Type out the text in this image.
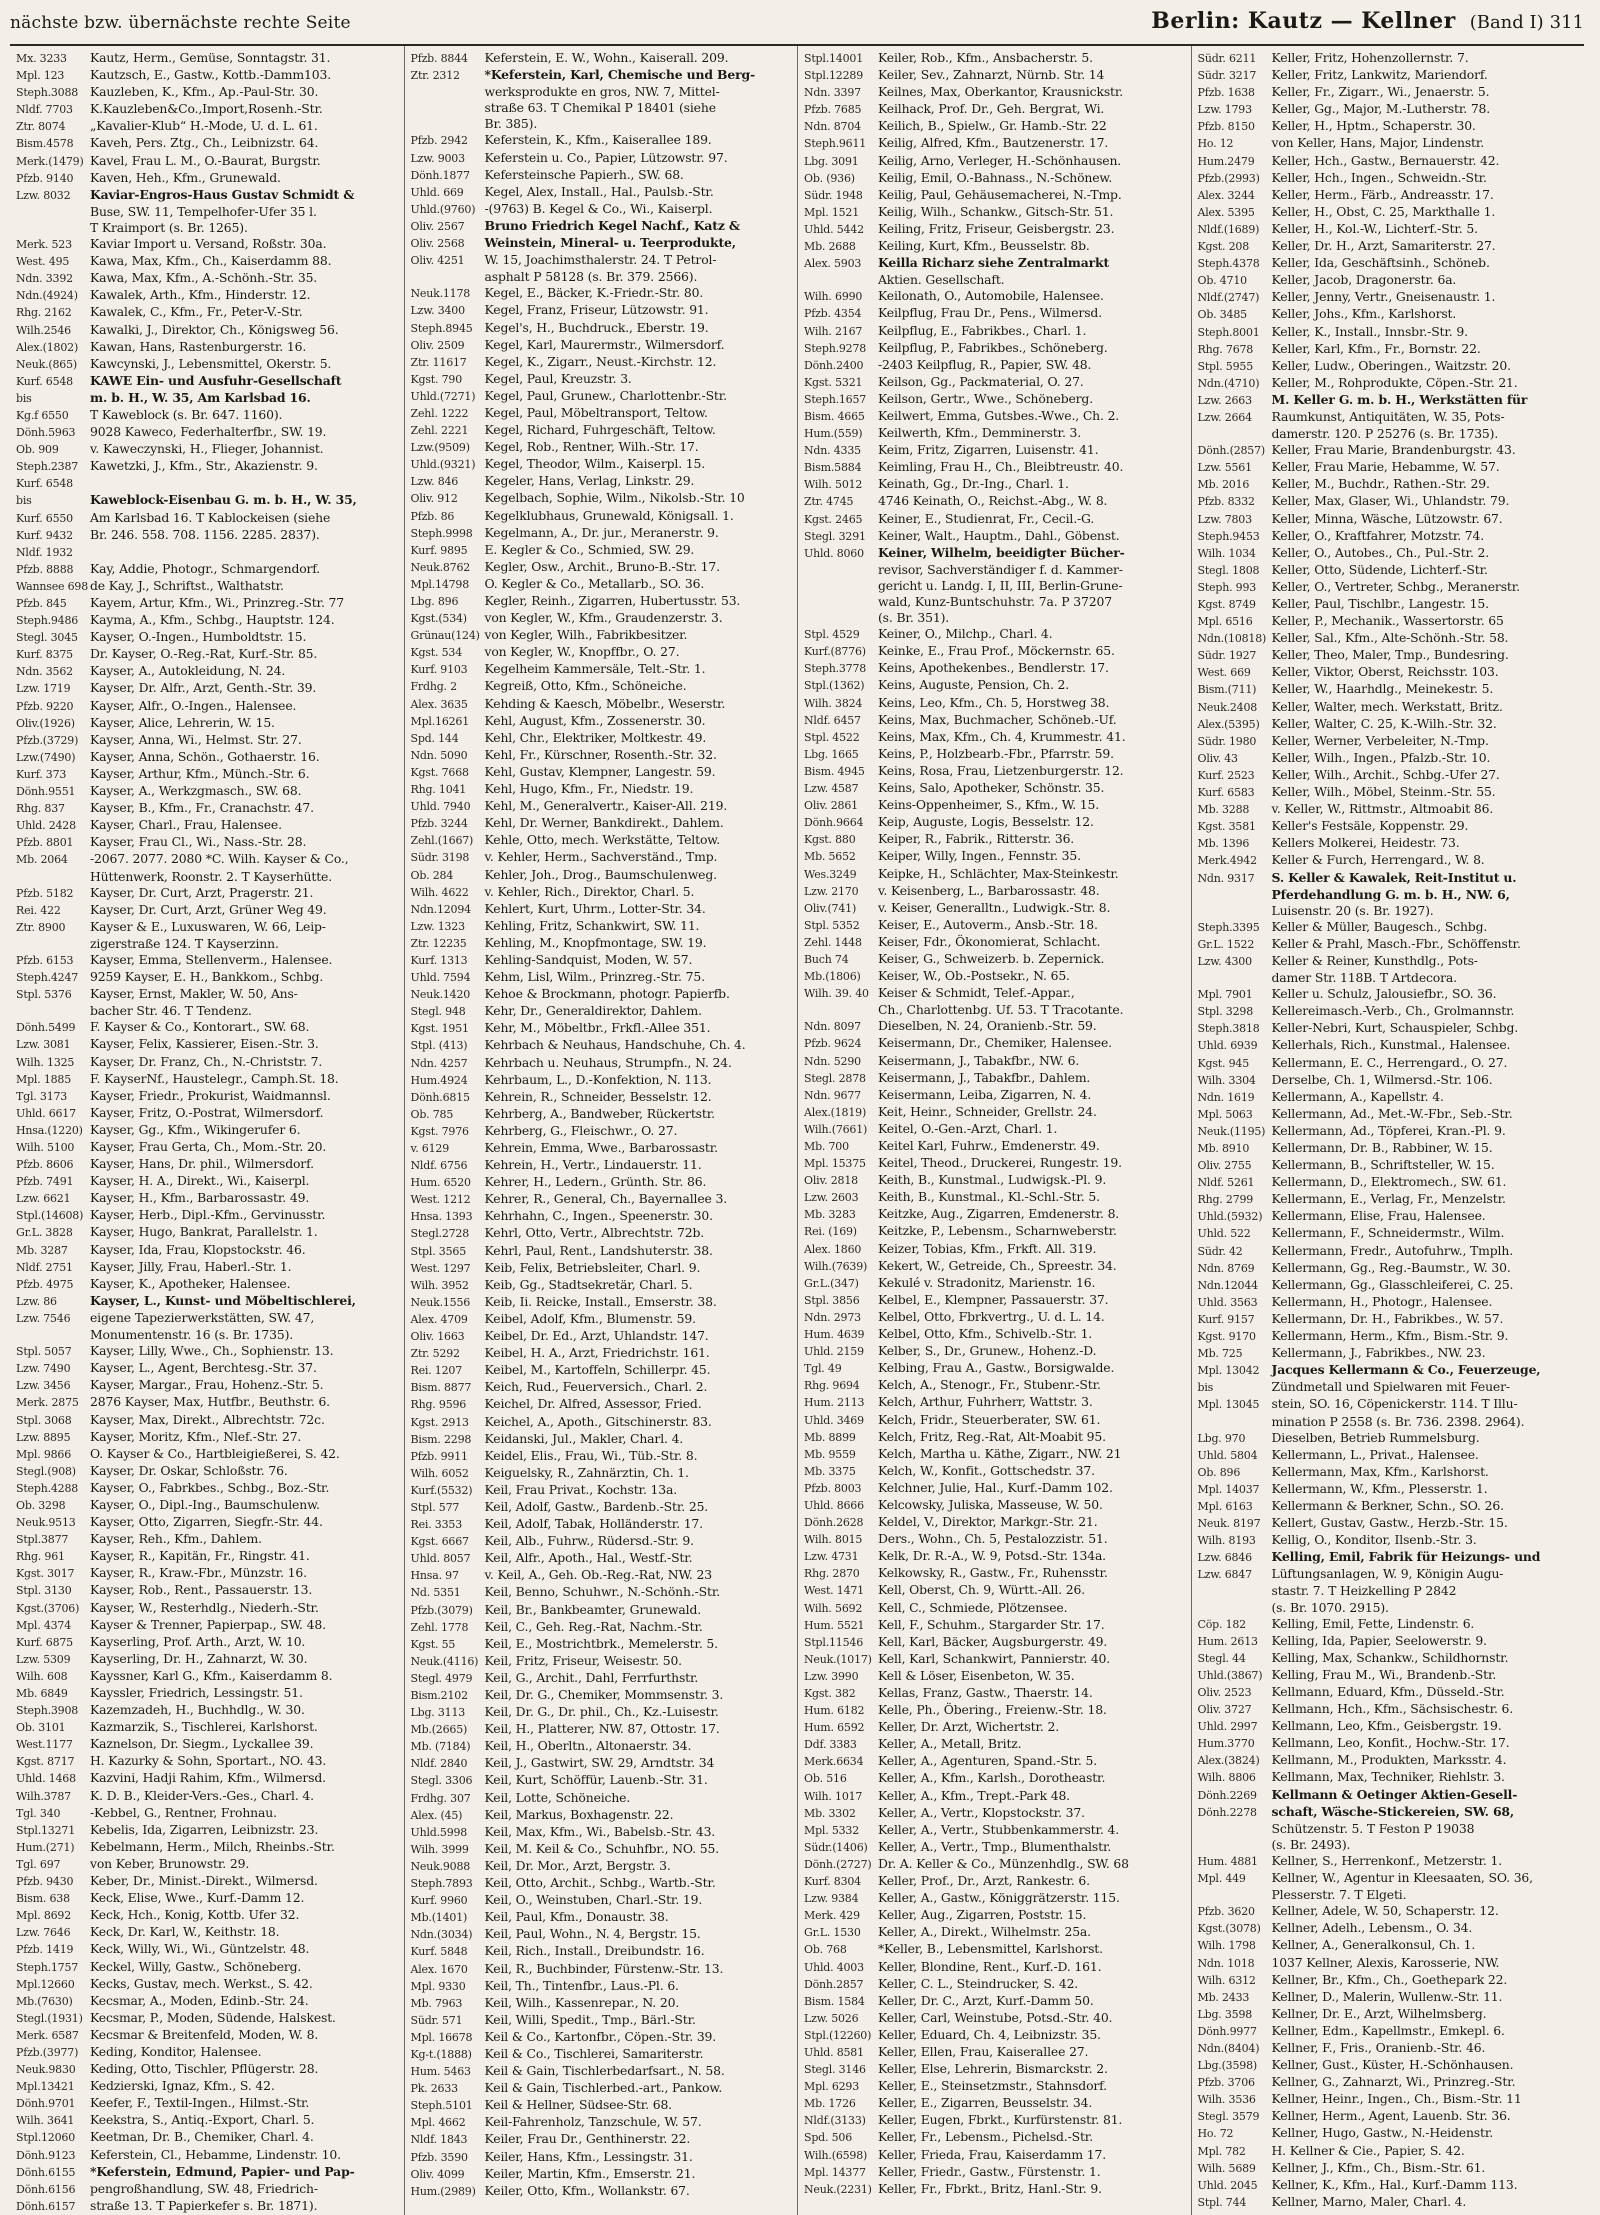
nächste bzw. übernächste rechte Seite	Berlin: Kautz — Kellner (Band I) 311
Mx. 3233 Kautz, Herm., Gemüse, Sonntagstr. 31.
Mpl. 123 Kautzsch, E., Gastw., Kottb.-Damm103.
Steph.3088 Kauzleben, K., Kfm., Ap.-Paul-Str. 30.
Nldf. 7703 K.Kauzleben&Co.,Import,Rosenh.-Str.
Ztr. 8074 „Kavalier-Klub“ H.-Mode, U. d. L. 61.
Bism.4578 Kaveh, Pers. Ztg., Ch., Leibnizstr. 64.
Merk.(1479) Kavel, Frau L. M., O.-Baurat, Burgstr.
Pfzb. 9140 Kaven, Heh., Kfm., Grunewald.
Lzw. 8032 Kaviar-Engros-Haus Gustav Schmidt &
Buse, SW. 11, Tempelhofer-Ufer 35 l.
T Kraimport (s. Br. 1265).
Merk. 523 Kaviar Import u. Versand, Roßstr. 30a.
West. 495 Kawa, Max, Kfm., Ch., Kaiserdamm 88.
Ndn. 3392 Kawa, Max, Kfm., A.-Schönh.-Str. 35.
Ndn.(4924) Kawalek, Arth., Kfm., Hinderstr. 12.
Rhg. 2162 Kawalek, C., Kfm., Fr., Peter-V.-Str.
Wilh.2546 Kawalki, J., Direktor, Ch., Königsweg 56.
Alex.(1802) Kawan, Hans, Rastenburgerstr. 16.
Neuk.(865) Kawcynski, J., Lebensmittel, Okerstr. 5.
Kurf. 6548 KAWE Ein- und Ausfuhr-Gesellschaft
bis	m. b. H., W. 35, Am Karlsbad 16.
Kg.f 6550 T Kaweblock (s. Br. 647. 1160).
Dönh.5963 9028 Kaweco, Federhalterfbr., SW. 19.
Ob. 909	v. Kaweczynski, H., Flieger, Johannist.
Steph.2387 Kawetzki, J., Kfm., Str., Akazienstr. 9.
Kurf. 6548
bis	Kaweblock-Eisenbau G. m. b. H., W. 35,
Kurf. 6550 Am Karlsbad 16. T Kablockeisen (siehe
Kurf. 9432 Br. 246. 558. 708. 1156. 2285. 2837).
Nldf. 1932
Pfzb. 8888 Kay, Addie, Photogr., Schmargendorf.
Wannsee 698 de Kay, J., Schriftst., Walthatstr.
Pfzb. 845 Kayem, Artur, Kfm., Wi., Prinzreg.-Str. 77
Steph.9486 Kayma, A., Kfm., Schbg., Hauptstr. 124.
Stegl. 3045 Kayser, O.-Ingen., Humboldtstr. 15.
Kurf. 8375 Dr. Kayser, O.-Reg.-Rat, Kurf.-Str. 85.
Ndn. 3562 Kayser, A., Autokleidung, N. 24.
Lzw. 1719 Kayser, Dr. Alfr., Arzt, Genth.-Str. 39.
Pfzb. 9220 Kayser, Alfr., O.-Ingen., Halensee.
Oliv.(1926) Kayser, Alice, Lehrerin, W. 15.
Pfzb.(3729) Kayser, Anna, Wi., Helmst. Str. 27.
Lzw.(7490) Kayser, Anna, Schön., Gothaerstr. 16.
Kurf. 373 Kayser, Arthur, Kfm., Münch.-Str. 6.
Dönh.9551 Kayser, A., Werkzgmasch., SW. 68.
Rhg. 837 Kayser, B., Kfm., Fr., Cranachstr. 47.
Uhld. 2428 Kayser, Charl., Frau, Halensee.
Pfzb. 8801 Kayser, Frau Cl., Wi., Nass.-Str. 28.
Mb. 2064 -2067. 2077. 2080 *C. Wilh. Kayser & Co.,
Hüttenwerk, Roonstr. 2. T Kayserhütte.
Pfzb. 5182 Kayser, Dr. Curt, Arzt, Pragerstr. 21.
Rei. 422 Kayser, Dr. Curt, Arzt, Grüner Weg 49.
Ztr. 8900 Kayser & E., Luxuswaren, W. 66, Leip-
zigerstraße 124. T Kayserzinn.
Pfzb. 6153 Kayser, Emma, Stellenverm., Halensee.
Steph.4247 9259 Kayser, E. H., Bankkom., Schbg.
Stpl. 5376 Kayser, Ernst, Makler, W. 50, Ans-
bacher Str. 46. T Tendenz.
Dönh.5499 F. Kayser & Co., Kontorart., SW. 68.
Lzw. 3081 Kayser, Felix, Kassierer, Eisen.-Str. 3.
Wilh. 1325 Kayser, Dr. Franz, Ch., N.-Christstr. 7.
Mpl. 1885 F. KayserNf., Haustelegr., Camph.St. 18.
Tgl. 3173 Kayser, Friedr., Prokurist, Waidmannsl.
Uhld. 6617 Kayser, Fritz, O.-Postrat, Wilmersdorf.
Hnsa.(1220) Kayser, Gg., Kfm., Wikingerufer 6.
Wilh. 5100 Kayser, Frau Gerta, Ch., Mom.-Str. 20.
Pfzb. 8606 Kayser, Hans, Dr. phil., Wilmersdorf.
Pfzb. 7491 Kayser, H. A., Direkt., Wi., Kaiserpl.
Lzw. 6621 Kayser, H., Kfm., Barbarossastr. 49.
Stpl.(14608) Kayser, Herb., Dipl.-Kfm., Gervinusstr.
Gr.L. 3828 Kayser, Hugo, Bankrat, Parallelstr. 1.
Mb. 3287 Kayser, Ida, Frau, Klopstockstr. 46.
Nldf. 2751 Kayser, Jilly, Frau, Haberl.-Str. 1.
Pfzb. 4975 Kayser, K., Apotheker, Halensee.
Lzw. 86	Kayser, L., Kunst- und Möbeltischlerei,
Lzw. 7546 eigene Tapezierwerkstätten, SW. 47,
Monumentenstr. 16 (s. Br. 1735).
Stpl. 5057 Kayser, Lilly, Wwe., Ch., Sophienstr. 13.
Lzw. 7490 Kayser, L., Agent, Berchtesg.-Str. 37.
Lzw. 3456 Kayser, Margar., Frau, Hohenz.-Str. 5.
Merk. 2875 2876 Kayser, Max, Hutfbr., Beuthstr. 6.
Stpl. 3068 Kayser, Max, Direkt., Albrechtstr. 72c.
Lzw. 8895 Kayser, Moritz, Kfm., Nlef.-Str. 27.
Mpl. 9866 O. Kayser & Co., Hartbleigießerei, S. 42.
Stegl.(908) Kayser, Dr. Oskar, Schloßstr. 76.
Steph.4288 Kayser, O., Fabrkbes., Schbg., Boz.-Str.
Ob. 3298 Kayser, O., Dipl.-Ing., Baumschulenw.
Neuk.9513 Kayser, Otto, Zigarren, Siegfr.-Str. 44.
Stpl.3877 Kayser, Reh., Kfm., Dahlem.
Rhg. 961 Kayser, R., Kapitän, Fr., Ringstr. 41.
Kgst. 3017 Kayser, R., Kraw.-Fbr., Münzstr. 16.
Stpl. 3130 Kayser, Rob., Rent., Passauerstr. 13.
Kgst.(3706) Kayser, W., Resterhdlg., Niederh.-Str.
Mpl. 4374 Kayser & Trenner, Papierpap., SW. 48.
Kurf. 6875 Kayserling, Prof. Arth., Arzt, W. 10.
Lzw. 5309 Kayserling, Dr. H., Zahnarzt, W. 30.
Wilh. 608 Kayssner, Karl G., Kfm., Kaiserdamm 8.
Mb. 6849 Kayssler, Friedrich, Lessingstr. 51.
Steph.3908 Kazemzadeh, H., Buchhdlg., W. 30.
Ob. 3101 Kazmarzik, S., Tischlerei, Karlshorst.
West.1177 Kaznelson, Dr. Siegm., Lyckallee 39.
Kgst. 8717 H. Kazurky & Sohn, Sportart., NO. 43.
Uhld. 1468 Kazvini, Hadji Rahim, Kfm., Wilmersd.
Wilh.3787 K. D. B., Kleider-Vers.-Ges., Charl. 4.
Tgl. 340 -Kebbel, G., Rentner, Frohnau.
Stpl.13271 Kebelis, Ida, Zigarren, Leibnizstr. 23.
Hum.(271) Kebelmann, Herm., Milch, Rheinbs.-Str.
Tgl. 697 von Keber, Brunowstr. 29.
Pfzb. 9430 Keber, Dr., Minist.-Direkt., Wilmersd.
Bism. 638 Keck, Elise, Wwe., Kurf.-Damm 12.
Mpl. 8692 Keck, Hch., Konig, Kottb. Ufer 32.
Lzw. 7646 Keck, Dr. Karl, W., Keithstr. 18.
Pfzb. 1419 Keck, Willy, Wi., Wi., Güntzelstr. 48.
Steph.1757 Keckel, Willy, Gastw., Schöneberg.
Mpl.12660 Kecks, Gustav, mech. Werkst., S. 42.
Mb.(7630) Kecsmar, A., Moden, Edinb.-Str. 24.
Stegl.(1931) Kecsmar, P., Moden, Südende, Halskest.
Merk. 6587 Kecsmar & Breitenfeld, Moden, W. 8.
Pfzb.(3977) Keding, Konditor, Halensee.
Neuk.9830 Keding, Otto, Tischler, Pflügerstr. 28.
Mpl.13421 Kedzierski, Ignaz, Kfm., S. 42.
Dönh.9701 Keefer, F., Textil-Ingen., Hilmst.-Str.
Wilh. 3641 Keekstra, S., Antiq.-Export, Charl. 5.
Stpl.12060 Keetman, Dr. B., Chemiker, Charl. 4.
Dönh.9123 Keferstein, Cl., Hebamme, Lindenstr. 10.
Dönh.6155 *Keferstein, Edmund, Papier- und Pap-
Dönh.6156 pengroßhandlung, SW. 48, Friedrich-
Dönh.6157 straße 13. T Papierkefer s. Br. 1871).
Pfzb. 8844 Keferstein, E. W., Wohn., Kaiserall. 209.
Ztr. 2312 *Keferstein, Karl, Chemische und Berg-
werksprodukte en gros, NW. 7, Mittel-
straße 63. T Chemikal P 18401 (siehe
Br. 385).
Pfzb. 2942 Keferstein, K., Kfm., Kaiserallee 189.
Lzw. 9003 Keferstein u. Co., Papier, Lützowstr. 97.
Dönh.1877 Kefersteinsche Papierh., SW. 68.
Uhld. 669 Kegel, Alex, Install., Hal., Paulsb.-Str.
Uhld.(9760) -(9763) B. Kegel & Co., Wi., Kaiserpl.
Oliv. 2567 Bruno Friedrich Kegel Nachf., Katz &
Oliv. 2568 Weinstein, Mineral- u. Teerprodukte,
Oliv. 4251 W. 15, Joachimsthalerstr. 24. T Petrol-
asphalt P 58128 (s. Br. 379. 2566).
Neuk.1178 Kegel, E., Bäcker, K.-Friedr.-Str. 80.
Lzw. 3400 Kegel, Franz, Friseur, Lützowstr. 91.
Steph.8945 Kegel's, H., Buchdruck., Eberstr. 19.
Oliv. 2509 Kegel, Karl, Maurermstr., Wilmersdorf.
Ztr. 11617 Kegel, K., Zigarr., Neust.-Kirchstr. 12.
Kgst. 790 Kegel, Paul, Kreuzstr. 3.
Uhld.(7271) Kegel, Paul, Grunew., Charlottenbr.-Str.
Zehl. 1222 Kegel, Paul, Möbeltransport, Teltow.
Zehl. 2221 Kegel, Richard, Fuhrgeschäft, Teltow.
Lzw.(9509) Kegel, Rob., Rentner, Wilh.-Str. 17.
Uhld.(9321) Kegel, Theodor, Wilm., Kaiserpl. 15.
Lzw. 846 Kegeler, Hans, Verlag, Linkstr. 29.
Oliv. 912 Kegelbach, Sophie, Wilm., Nikolsb.-Str. 10
Pfzb. 86 Kegelklubhaus, Grunewald, Königsall. 1.
Steph.9998 Kegelmann, A., Dr. jur., Meranerstr. 9.
Kurf. 9895 E. Kegler & Co., Schmied, SW. 29.
Neuk.8762 Kegler, Osw., Archit., Bruno-B.-Str. 17.
Mpl.14798 O. Kegler & Co., Metallarb., SO. 36.
Lbg. 896 Kegler, Reinh., Zigarren, Hubertusstr. 53.
Kgst.(534) von Kegler, W., Kfm., Graudenzerstr. 3.
Grünau(124) von Kegler, Wilh., Fabrikbesitzer.
Kgst. 534 von Kegler, W., Knopffbr., O. 27.
Kurf. 9103 Kegelheim Kammersäle, Telt.-Str. 1.
Frdhg. 2 Kegreiß, Otto, Kfm., Schöneiche.
Alex. 3635 Kehding & Kaesch, Möbelbr., Weserstr.
Mpl.16261 Kehl, August, Kfm., Zossenerstr. 30.
Spd. 144 Kehl, Chr., Elektriker, Moltkestr. 49.
Ndn. 5090 Kehl, Fr., Kürschner, Rosenth.-Str. 32.
Kgst. 7668 Kehl, Gustav, Klempner, Langestr. 59.
Rhg. 1041 Kehl, Hugo, Kfm., Fr., Niedstr. 19.
Uhld. 7940 Kehl, M., Generalvertr., Kaiser-All. 219.
Pfzb. 3244 Kehl, Dr. Werner, Bankdirekt., Dahlem.
Zehl.(1667) Kehle, Otto, mech. Werkstätte, Teltow.
Südr. 3198 v. Kehler, Herm., Sachverständ., Tmp.
Ob. 284	Kehler, Joh., Drog., Baumschulenweg.
Wilh. 4622 v. Kehler, Rich., Direktor, Charl. 5.
Ndn.12094 Kehlert, Kurt, Uhrm., Lotter-Str. 34.
Lzw. 1323 Kehling, Fritz, Schankwirt, SW. 11.
Ztr. 12235 Kehling, M., Knopfmontage, SW. 19.
Kurf. 1313 Kehling-Sandquist, Moden, W. 57.
Uhld. 7594 Kehm, Lisl, Wilm., Prinzreg.-Str. 75.
Neuk.1420 Kehoe & Brockmann, photogr. Papierfb.
Stegl. 948 Kehr, Dr., Generaldirektor, Dahlem.
Kgst. 1951 Kehr, M., Möbeltbr., Frkfl.-Allee 351.
Stpl. (413) Kehrbach & Neuhaus, Handschuhe, Ch. 4.
Ndn. 4257 Kehrbach u. Neuhaus, Strumpfn., N. 24.
Hum.4924 Kehrbaum, L., D.-Konfektion, N. 113.
Dönh.6815 Kehrein, R., Schneider, Besselstr. 12.
Ob. 785	Kehrberg, A., Bandweber, Rückertstr.
Kgst. 7976 Kehrberg, G., Fleischwr., O. 27.
v. 6129	Kehrein, Emma, Wwe., Barbarossastr.
Nldf. 6756 Kehrein, H., Vertr., Lindauerstr. 11.
Hum. 6520 Kehrer, H., Ledern., Grünth. Str. 86.
West. 1212 Kehrer, R., General, Ch., Bayernallee 3.
Hnsa. 1393 Kehrhahn, C., Ingen., Speenerstr. 30.
Stegl.2728 Kehrl, Otto, Vertr., Albrechtstr. 72b.
Stpl. 3565 Kehrl, Paul, Rent., Landshuterstr. 38.
West. 1297 Keib, Felix, Betriebsleiter, Charl. 9.
Wilh. 3952 Keib, Gg., Stadtsekretär, Charl. 5.
Neuk.1556 Keib, Ii. Reicke, Install., Emserstr. 38.
Alex. 4709 Keibel, Adolf, Kfm., Blumenstr. 59.
Oliv. 1663 Keibel, Dr. Ed., Arzt, Uhlandstr. 147.
Ztr. 5292 Keibel, H. A., Arzt, Friedrichstr. 161.
Rei. 1207 Keibel, M., Kartoffeln, Schillerpr. 45.
Bism. 8877 Keich, Rud., Feuerversich., Charl. 2.
Rhg. 9596 Keichel, Dr. Alfred, Assessor, Fried.
Kgst. 2913 Keichel, A., Apoth., Gitschinerstr. 83.
Bism. 2298 Keidanski, Jul., Makler, Charl. 4.
Pfzb. 9911 Keidel, Elis., Frau, Wi., Tüb.-Str. 8.
Wilh. 6052 Keiguelsky, R., Zahnärztin, Ch. 1.
Kurf.(5532) Keil, Frau Privat., Kochstr. 13a.
Stpl. 577 Keil, Adolf, Gastw., Bardenb.-Str. 25.
Rei. 3353 Keil, Adolf, Tabak, Holländerstr. 17.
Kgst. 6667 Keil, Alb., Fuhrw., Rüdersd.-Str. 9.
Uhld. 8057 Keil, Alfr., Apoth., Hal., Westf.-Str.
Hnsa. 97 v. Keil, A., Geh. Ob.-Reg.-Rat, NW. 23
Nd. 5351 Keil, Benno, Schuhwr., N.-Schönh.-Str.
Pfzb.(3079) Keil, Br., Bankbeamter, Grunewald.
Zehl. 1778 Keil, C., Geh. Reg.-Rat, Nachm.-Str.
Kgst. 55 Keil, E., Mostrichtbrk., Memelerstr. 5.
Neuk.(4116) Keil, Fritz, Friseur, Weisestr. 50.
Stegl. 4979 Keil, G., Archit., Dahl, Ferrfurthstr.
Bism.2102 Keil, Dr. G., Chemiker, Mommsenstr. 3.
Lbg. 3113 Keil, Dr. G., Dr. phil., Ch., Kz.-Luisestr.
Mb.(2665) Keil, H., Platterer, NW. 87, Ottostr. 17.
Mb. (7184) Keil, H., Oberltn., Altonaerstr. 34.
Nldf. 2840 Keil, J., Gastwirt, SW. 29, Arndtstr. 34
Stegl. 3306 Keil, Kurt, Schöffür, Lauenb.-Str. 31.
Frdhg. 307 Keil, Lotte, Schöneiche.
Alex. (45) Keil, Markus, Boxhagenstr. 22.
Uhld.5998 Keil, Max, Kfm., Wi., Babelsb.-Str. 43.
Wilh. 3999 Keil, M. Keil & Co., Schuhfbr., NO. 55.
Neuk.9088 Keil, Dr. Mor., Arzt, Bergstr. 3.
Steph.7893 Keil, Otto, Archit., Schbg., Wartb.-Str.
Kurf. 9960 Keil, O., Weinstuben, Charl.-Str. 19.
Mb.(1401) Keil, Paul, Kfm., Donaustr. 38.
Ndn.(3034) Keil, Paul, Wohn., N. 4, Bergstr. 15.
Kurf. 5848 Keil, Rich., Install., Dreibundstr. 16.
Alex. 1670 Keil, R., Buchbinder, Fürstenw.-Str. 13.
Mpl. 9330 Keil, Th., Tintenfbr., Laus.-Pl. 6.
Mb. 7963 Keil, Wilh., Kassenrepar., N. 20.
Südr. 571 Keil, Willi, Spedit., Tmp., Bärl.-Str.
Mpl. 16678 Keil & Co., Kartonfbr., Cöpen.-Str. 39.
Kg-t.(1888) Keil & Co., Tischlerei, Samariterstr.
Hum. 5463 Keil & Gain, Tischlerbedarfsart., N. 58.
Pk. 2633 Keil & Gain, Tischlerbed.-art., Pankow.
Steph.5101 Keil & Hellner, Südsee-Str. 68.
Mpl. 4662 Keil-Fahrenholz, Tanzschule, W. 57.
Nldf. 1843 Keiler, Frau Dr., Genthinerstr. 22.
Pfzb. 3590 Keiler, Hans, Kfm., Lessingstr. 31.
Oliv. 4099 Keiler, Martin, Kfm., Emserstr. 21.
Hum.(2989) Keiler, Otto, Kfm., Wollankstr. 67.
Stpl.14001 Keiler, Rob., Kfm., Ansbacherstr. 5.
Stpl.12289 Keiler, Sev., Zahnarzt, Nürnb. Str. 14
Ndn. 3397 Keilnes, Max, Oberkantor, Krausnickstr.
Pfzb. 7685 Keilhack, Prof. Dr., Geh. Bergrat, Wi.
Ndn. 8704 Keilich, B., Spielw., Gr. Hamb.-Str. 22
Steph.9611 Keilig, Alfred, Kfm., Bautzenerstr. 17.
Lbg. 3091 Keilig, Arno, Verleger, H.-Schönhausen.
Ob. (936) Keilig, Emil, O.-Bahnass., N.-Schönew.
Südr. 1948 Keilig, Paul, Gehäusemacherei, N.-Tmp.
Mpl. 1521 Keilig, Wilh., Schankw., Gitsch-Str. 51.
Uhld. 5442 Keiling, Fritz, Friseur, Geisbergstr. 23.
Mb. 2688 Keiling, Kurt, Kfm., Beusselstr. 8b.
Alex. 5903 Keilla Richarz siehe Zentralmarkt
Aktien. Gesellschaft.
Wilh. 6990 Keilonath, O., Automobile, Halensee.
Pfzb. 4354 Keilpflug, Frau Dr., Pens., Wilmersd.
Wilh. 2167 Keilpflug, E., Fabrikbes., Charl. 1.
Steph.9278 Keilpflug, P., Fabrikbes., Schöneberg.
Dönh.2400 -2403 Keilpflug, R., Papier, SW. 48.
Kgst. 5321 Keilson, Gg., Packmaterial, O. 27.
Steph.1657 Keilson, Gertr., Wwe., Schöneberg.
Bism. 4665 Keilwert, Emma, Gutsbes.-Wwe., Ch. 2.
Hum.(559) Keilwerth, Kfm., Demminerstr. 3.
Ndn. 4335 Keim, Fritz, Zigarren, Luisenstr. 41.
Bism.5884 Keimling, Frau H., Ch., Bleibtreustr. 40.
Wilh. 5012 Keinath, Gg., Dr.-Ing., Charl. 1.
Ztr. 4745 4746 Keinath, O., Reichst.-Abg., W. 8.
Kgst. 2465 Keiner, E., Studienrat, Fr., Cecil.-G.
Stegl. 3291 Keiner, Walt., Hauptm., Dahl., Göbenst.
Uhld. 8060 Keiner, Wilhelm, beeidigter Bücher-
revisor, Sachverständiger f. d. Kammer-
gericht u. Landg. I, II, III, Berlin-Grune-
wald, Kunz-Buntschuhstr. 7a. P 37207
(s. Br. 351).
Stpl. 4529 Keiner, O., Milchp., Charl. 4.
Kurf.(8776) Keinke, E., Frau Prof., Möckernstr. 65.
Steph.3778 Keins, Apothekenbes., Bendlerstr. 17.
Stpl.(1362) Keins, Auguste, Pension, Ch. 2.
Wilh. 3824 Keins, Leo, Kfm., Ch. 5, Horstweg 38.
Nldf. 6457 Keins, Max, Buchmacher, Schöneb.-Uf.
Stpl. 4522 Keins, Max, Kfm., Ch. 4, Krummestr. 41.
Lbg. 1665 Keins, P., Holzbearb.-Fbr., Pfarrstr. 59.
Bism. 4945 Keins, Rosa, Frau, Lietzenburgerstr. 12.
Lzw. 4587 Keins, Salo, Apotheker, Schönstr. 35.
Oliv. 2861 Keins-Oppenheimer, S., Kfm., W. 15.
Dönh.9664 Keip, Auguste, Logis, Besselstr. 12.
Kgst. 880 Keiper, R., Fabrik., Ritterstr. 36.
Mb. 5652 Keiper, Willy, Ingen., Fennstr. 35.
Wes.3249 Keipke, H., Schlächter, Max-Steinkestr.
Lzw. 2170 v. Keisenberg, L., Barbarossastr. 48.
Oliv.(741) v. Keiser, Generalltn., Ludwigk.-Str. 8.
Stpl. 5352 Keiser, E., Autoverm., Ansb.-Str. 18.
Zehl. 1448 Keiser, Fdr., Ökonomierat, Schlacht.
Buch 74 Keiser, G., Schweizerb. b. Zepernick.
Mb.(1806) Keiser, W., Ob.-Postsekr., N. 65.
Wilh. 39. 40 Keiser & Schmidt, Telef.-Appar.,
Ch., Charlottenbg. Uf. 53. T Tracotante.
Ndn. 8097 Dieselben, N. 24, Oranienb.-Str. 59.
Pfzb. 9624 Keisermann, Dr., Chemiker, Halensee.
Ndn. 5290 Keisermann, J., Tabakfbr., NW. 6.
Stegl. 2878 Keisermann, J., Tabakfbr., Dahlem.
Ndn. 9677 Keisermann, Leiba, Zigarren, N. 4.
Alex.(1819) Keit, Heinr., Schneider, Grellstr. 24.
Wilh.(7661) Keitel, O.-Gen.-Arzt, Charl. 1.
Mb. 700 Keitel Karl, Fuhrw., Emdenerstr. 49.
Mpl. 15375 Keitel, Theod., Druckerei, Rungestr. 19.
Oliv. 2818 Keith, B., Kunstmal., Ludwigsk.-Pl. 9.
Lzw. 2603 Keith, B., Kunstmal., Kl.-Schl.-Str. 5.
Mb. 3283 Keitzke, Aug., Zigarren, Emdenerstr. 8.
Rei. (169) Keitzke, P., Lebensm., Scharnweberstr.
Alex. 1860 Keizer, Tobias, Kfm., Frkft. All. 319.
Wilh.(7639) Kekert, W., Getreide, Ch., Spreestr. 34.
Gr.L.(347) Kekulé v. Stradonitz, Marienstr. 16.
Stpl. 3856 Kelbel, E., Klempner, Passauerstr. 37.
Ndn. 2973 Kelbel, Otto, Fbrkvertrg., U. d. L. 14.
Hum. 4639 Kelbel, Otto, Kfm., Schivelb.-Str. 1.
Uhld. 2159 Kelber, S., Dr., Grunew., Hohenz.-D.
Tgl. 49	Kelbing, Frau A., Gastw., Borsigwalde.
Rhg. 9694 Kelch, A., Stenogr., Fr., Stubenr.-Str.
Hum. 2113 Kelch, Arthur, Fuhrherr, Wattstr. 3.
Uhld. 3469 Kelch, Fridr., Steuerberater, SW. 61.
Mb. 8899 Kelch, Fritz, Reg.-Rat, Alt-Moabit 95.
Mb. 9559 Kelch, Martha u. Käthe, Zigarr., NW. 21
Mb. 3375 Kelch, W., Konfit., Gottschedstr. 37.
Pfzb. 8003 Kelchner, Julie, Hal., Kurf.-Damm 102.
Uhld. 8666 Kelcowsky, Juliska, Masseuse, W. 50.
Dönh.2628 Keldel, V., Direktor, Markgr.-Str. 21.
Wilh. 8015 Ders., Wohn., Ch. 5, Pestalozzistr. 51.
Lzw. 4731 Kelk, Dr. R.-A., W. 9, Potsd.-Str. 134a.
Rhg. 2870 Kelkowsky, R., Gastw., Fr., Ruhensstr.
West. 1471 Kell, Oberst, Ch. 9, Württ.-All. 26.
Wilh. 5692 Kell, C., Schmiede, Plötzensee.
Hum. 5521 Kell, F., Schuhm., Stargarder Str. 17.
Stpl.11546 Kell, Karl, Bäcker, Augsburgerstr. 49.
Neuk.(1017) Kell, Karl, Schankwirt, Pannierstr. 40.
Lzw. 3990 Kell & Löser, Eisenbeton, W. 35.
Kgst. 382 Kellas, Franz, Gastw., Thaerstr. 14.
Hum. 6182 Kelle, Ph., Öbering., Freienw.-Str. 18.
Hum. 6592 Keller, Dr. Arzt, Wichertstr. 2.
Ddf. 3383 Keller, A., Metall, Britz.
Merk.6634 Keller, A., Agenturen, Spand.-Str. 5.
Ob. 516	Keller, A., Kfm., Karlsh., Dorotheastr.
Wilh. 1017 Keller, A., Kfm., Trept.-Park 48.
Mb. 3302 Keller, A., Vertr., Klopstockstr. 37.
Mpl. 5332 Keller, A., Vertr., Stubbenkammerstr. 4.
Südr.(1406) Keller, A., Vertr., Tmp., Blumenthalstr.
Dönh.(2727) Dr. A. Keller & Co., Münzenhdlg., SW. 68
Kurf. 8304 Keller, Prof., Dr., Arzt, Rankestr. 6.
Lzw. 9384 Keller, A., Gastw., Königgrätzerstr. 115.
Merk. 429 Keller, Aug., Zigarren, Poststr. 15.
Gr.L. 1530 Keller, A., Direkt., Wilhelmstr. 25a.
Ob. 768	*Keller, B., Lebensmittel, Karlshorst.
Uhld. 4003 Keller, Blondine, Rent., Kurf.-D. 161.
Dönh.2857 Keller, C. L., Steindrucker, S. 42.
Bism. 1584 Keller, Dr. C., Arzt, Kurf.-Damm 50.
Lzw. 5026 Keller, Carl, Weinstube, Potsd.-Str. 40.
Stpl.(12260) Keller, Eduard, Ch. 4, Leibnizstr. 35.
Uhld. 8581 Keller, Ellen, Frau, Kaiserallee 27.
Stegl. 3146 Keller, Else, Lehrerin, Bismarckstr. 2.
Mpl. 6293 Keller, E., Steinsetzmstr., Stahnsdorf.
Mb. 1726 Keller, E., Zigarren, Beusselstr. 34.
Nldf.(3133) Keller, Eugen, Fbrkt., Kurfürstenstr. 81.
Spd. 506 Keller, Fr., Lebensm., Pichelsd.-Str.
Wilh.(6598) Keller, Frieda, Frau, Kaiserdamm 17.
Mpl. 14377 Keller, Friedr., Gastw., Fürstenstr. 1.
Neuk.(2231) Keller, Fr., Fbrkt., Britz, Hanl.-Str. 9.
Südr. 6211 Keller, Fritz, Hohenzollernstr. 7.
Südr. 3217 Keller, Fritz, Lankwitz, Mariendorf.
Pfzb. 1638 Keller, Fr., Zigarr., Wi., Jenaerstr. 5.
Lzw. 1793 Keller, Gg., Major, M.-Lutherstr. 78.
Pfzb. 8150 Keller, H., Hptm., Schaperstr. 30.
Ho. 12	von Keller, Hans, Major, Lindenstr.
Hum.2479 Keller, Hch., Gastw., Bernauerstr. 42.
Pfzb.(2993) Keller, Hch., Ingen., Schweidn.-Str.
Alex. 3244 Keller, Herm., Färb., Andreasstr. 17.
Alex. 5395 Keller, H., Obst, C. 25, Markthalle 1.
Nldf.(1689) Keller, H., Kol.-W., Lichterf.-Str. 5.
Kgst. 208 Keller, Dr. H., Arzt, Samariterstr. 27.
Steph.4378 Keller, Ida, Geschäftsinh., Schöneb.
Ob. 4710 Keller, Jacob, Dragonerstr. 6a.
Nldf.(2747) Keller, Jenny, Vertr., Gneisenaustr. 1.
Ob. 3485 Keller, Johs., Kfm., Karlshorst.
Steph.8001 Keller, K., Install., Innsbr.-Str. 9.
Rhg. 7678 Keller, Karl, Kfm., Fr., Bornstr. 22.
Stpl. 5955 Keller, Ludw., Oberingen., Waitzstr. 20.
Ndn.(4710) Keller, M., Rohprodukte, Cöpen.-Str. 21.
Lzw. 2663 M. Keller G. m. b. H., Werkstätten für
Lzw. 2664 Raumkunst, Antiquitäten, W. 35, Pots-
damerstr. 120. P 25276 (s. Br. 1735).
Dönh.(2857) Keller, Frau Marie, Brandenburgstr. 43.
Lzw. 5561 Keller, Frau Marie, Hebamme, W. 57.
Mb. 2016 Keller, M., Buchdr., Rathen.-Str. 29.
Pfzb. 8332 Keller, Max, Glaser, Wi., Uhlandstr. 79.
Lzw. 7803 Keller, Minna, Wäsche, Lützowstr. 67.
Steph.9453 Keller, O., Kraftfahrer, Motzstr. 74.
Wilh. 1034 Keller, O., Autobes., Ch., Pul.-Str. 2.
Stegl. 1808 Keller, Otto, Südende, Lichterf.-Str.
Steph. 993 Keller, O., Vertreter, Schbg., Meranerstr.
Kgst. 8749 Keller, Paul, Tischlbr., Langestr. 15.
Mpl. 6516 Keller, P., Mechanik., Wassertorstr. 65
Ndn.(10818) Keller, Sal., Kfm., Alte-Schönh.-Str. 58.
Südr. 1927 Keller, Theo, Maler, Tmp., Bundesring.
West. 669 Keller, Viktor, Oberst, Reichsstr. 103.
Bism.(711) Keller, W., Haarhdlg., Meinekestr. 5.
Neuk.2408 Keller, Walter, mech. Werkstatt, Britz.
Alex.(5395) Keller, Walter, C. 25, K.-Wilh.-Str. 32.
Südr. 1980 Keller, Werner, Verbeleiter, N.-Tmp.
Oliv. 43	Keller, Wilh., Ingen., Pfalzb.-Str. 10.
Kurf. 2523 Keller, Wilh., Archit., Schbg.-Ufer 27.
Kurf. 6583 Keller, Wilh., Möbel, Steinm.-Str. 55.
Mb. 3288 v. Keller, W., Rittmstr., Altmoabit 86.
Kgst. 3581 Keller's Festsäle, Koppenstr. 29.
Mb. 1396 Kellers Molkerei, Heidestr. 73.
Merk.4942 Keller & Furch, Herrengard., W. 8.
Ndn. 9317 S. Keller & Kawalek, Reit-Institut u.
Pferdehandlung G. m. b. H., NW. 6,
Luisenstr. 20 (s. Br. 1927).
Steph.3395 Keller & Müller, Baugesch., Schbg.
Gr.L. 1522 Keller & Prahl, Masch.-Fbr., Schöffenstr.
Lzw. 4300 Keller & Reiner, Kunsthdlg., Pots-
damer Str. 118B. T Artdecora.
Mpl. 7901 Keller u. Schulz, Jalousiefbr., SO. 36.
Stpl. 3298 Kellereimasch.-Verb., Ch., Grolmannstr.
Steph.3818 Keller-Nebri, Kurt, Schauspieler, Schbg.
Uhld. 6939 Kellerhals, Rich., Kunstmal., Halensee.
Kgst. 945 Kellermann, E. C., Herrengard., O. 27.
Wilh. 3304 Derselbe, Ch. 1, Wilmersd.-Str. 106.
Ndn. 1619 Kellermann, A., Kapellstr. 4.
Mpl. 5063 Kellermann, Ad., Met.-W.-Fbr., Seb.-Str.
Neuk.(1195) Kellermann, Ad., Töpferei, Kran.-Pl. 9.
Mb. 8910 Kellermann, Dr. B., Rabbiner, W. 15.
Oliv. 2755 Kellermann, B., Schriftsteller, W. 15.
Nldf. 5261 Kellermann, D., Elektromech., SW. 61.
Rhg. 2799 Kellermann, E., Verlag, Fr., Menzelstr.
Uhld.(5932) Kellermann, Elise, Frau, Halensee.
Uhld. 522 Kellermann, F., Schneidermstr., Wilm.
Südr. 42 Kellermann, Fredr., Autofuhrw., Tmplh.
Ndn. 8769 Kellermann, Gg., Reg.-Baumstr., W. 30.
Ndn.12044 Kellermann, Gg., Glasschleiferei, C. 25.
Uhld. 3563 Kellermann, H., Photogr., Halensee.
Kurf. 9157 Kellermann, Dr. H., Fabrikbes., W. 57.
Kgst. 9170 Kellermann, Herm., Kfm., Bism.-Str. 9.
Mb. 725 Kellermann, J., Fabrikbes., NW. 23.
Mpl. 13042 Jacques Kellermann & Co., Feuerzeuge,
bis	Zündmetall und Spielwaren mit Feuer-
Mpl. 13045 stein, SO. 16, Cöpenickerstr. 114. T Illu-
mination P 2558 (s. Br. 736. 2398. 2964).
Lbg. 970 Dieselben, Betrieb Rummelsburg.
Uhld. 5804 Kellermann, L., Privat., Halensee.
Ob. 896	Kellermann, Max, Kfm., Karlshorst.
Mpl. 14037 Kellermann, W., Kfm., Plesserstr. 1.
Mpl. 6163 Kellermann & Berkner, Schn., SO. 26.
Neuk. 8197 Kellert, Gustav, Gastw., Herzb.-Str. 15.
Wilh. 8193 Kellig, O., Konditor, Ilsenb.-Str. 3.
Lzw. 6846 Kelling, Emil, Fabrik für Heizungs- und
Lzw. 6847 Lüftungsanlagen, W. 9, Königin Augu-
stastr. 7. T Heizkelling P 2842
(s. Br. 1070. 2915).
Cöp. 182 Kelling, Emil, Fette, Lindenstr. 6.
Hum. 2613 Kelling, Ida, Papier, Seelowerstr. 9.
Stegl. 44 Kelling, Max, Schankw., Schildhornstr.
Uhld.(3867) Kelling, Frau M., Wi., Brandenb.-Str.
Oliv. 2523 Kellmann, Eduard, Kfm., Düsseld.-Str.
Oliv. 3727 Kellmann, Hch., Kfm., Sächsischestr. 6.
Uhld. 2997 Kellmann, Leo, Kfm., Geisbergstr. 19.
Hum.3770 Kellmann, Leo, Konfit., Hochw.-Str. 17.
Alex.(3824) Kellmann, M., Produkten, Marksstr. 4.
Wilh. 8806 Kellmann, Max, Techniker, Riehlstr. 3.
Dönh.2269 Kellmann & Oetinger Aktien-Gesell-
Dönh.2278 schaft, Wäsche-Stickereien, SW. 68,
Schützenstr. 5. T Feston P 19038
(s. Br. 2493).
Hum. 4881 Kellner, S., Herrenkonf., Metzerstr. 1.
Mpl. 449 Kellner, W., Agentur in Kleesaaten, SO. 36,
Plesserstr. 7. T Elgeti.
Pfzb. 3620 Kellner, Adele, W. 50, Schaperstr. 12.
Kgst.(3078) Kellner, Adelh., Lebensm., O. 34.
Wilh. 1798 Kellner, A., Generalkonsul, Ch. 1.
Ndn. 1018 1037 Kellner, Alexis, Karosserie, NW.
Wilh. 6312 Kellner, Br., Kfm., Ch., Goethepark 22.
Mb. 2433 Kellner, D., Malerin, Wullenw.-Str. 11.
Lbg. 3598 Kellner, Dr. E., Arzt, Wilhelmsberg.
Dönh.9977 Kellner, Edm., Kapellmstr., Emkepl. 6.
Ndn.(8404) Kellner, F., Fris., Oranienb.-Str. 46.
Lbg.(3598) Kellner, Gust., Küster, H.-Schönhausen.
Pfzb. 3706 Kellner, G., Zahnarzt, Wi., Prinzreg.-Str.
Wilh. 3536 Kellner, Heinr., Ingen., Ch., Bism.-Str. 11
Stegl. 3579 Kellner, Herm., Agent, Lauenb. Str. 36.
Ho. 72	Kellner, Hugo, Gastw., N.-Heidenstr.
Mpl. 782 H. Kellner & Cie., Papier, S. 42.
Wilh. 5689 Kellner, J., Kfm., Ch., Bism.-Str. 61.
Uhld. 2045 Kellner, K., Kfm., Hal., Kurf.-Damm 113.
Stpl. 744 Kellner, Marno, Maler, Charl. 4.
